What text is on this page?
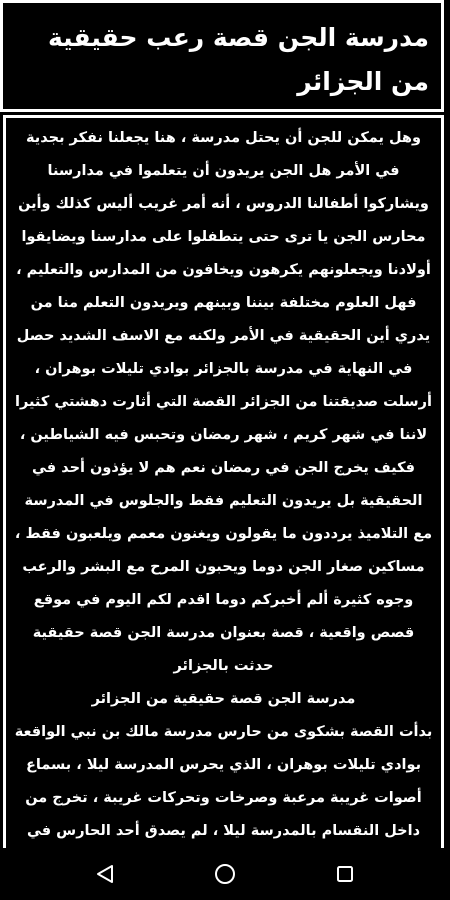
مدرسة الجن قصة رعب حقيقية من الجزائر

وهل يمكن للجن أن يحتل مدرسة ، هنا يجعلنا نفكر بجدية في الأمر هل الجن يريدون أن يتعلموا في مدارسنا ويشاركوا أطفالنا الدروس ، أنه أمر غريب أليس كذلك وأين محارس الجن يا ترى حتى يتطفلوا على مدارسنا ويضايقوا أولادنا ويجعلونهم يكرهون ويخافون من المدارس والتعليم ، فهل العلوم مختلفة بيننا وبينهم ويريدون التعلم منا من يدري أين الحقيقية في الأمر ولكنه مع الاسف الشديد حصل في النهاية في مدرسة بالجزائر بوادي تليلات بوهران ، أرسلت صديقتنا من الجزائر القصة التي أثارت دهشتي كثيرا لاننا في شهر كريم ، شهر رمضان وتحبس فيه الشياطين ، فكيف يخرج الجن في رمضان نعم هم لا يؤذون أحد في الحقيقية بل يريدون التعليم فقط والجلوس في المدرسة مع التلاميذ يرددون ما يقولون ويغنون معمم ويلعبون فقط ، مساكين صغار الجن دوما ويحبون المرح مع البشر والرعب وجوه كثيرة ألم أخبركم دوما اقدم لكم اليوم في موقع قصص واقعية ، قصة بعنوان مدرسة الجن قصة حقيقية حدثت بالجزائر

مدرسة الجن قصة حقيقية من الجزائر

بدأت القصة بشكوى من حارس مدرسة مالك بن نبي الواقعة بوادي تليلات بوهران ، الذي يحرس المدرسة ليلا ، بسماع أصوات غريبة مرعبة وصرخات وتحركات غريبة ، تخرج من داخل النقسام بالمدرسة ليلا ، لم يصدق أحد الحارس في
